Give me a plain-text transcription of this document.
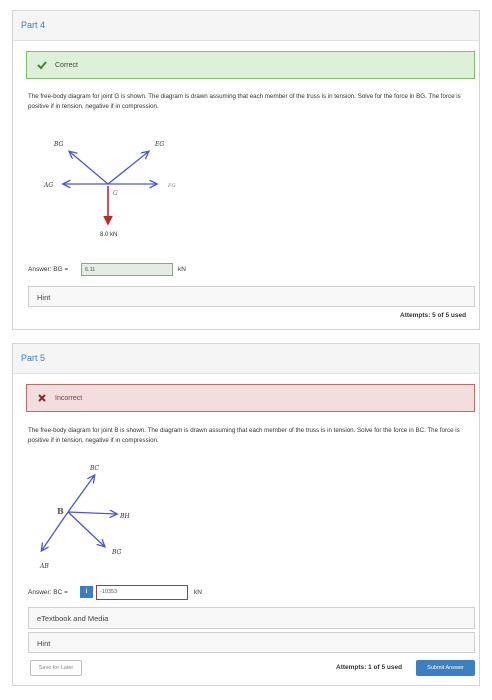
Part 4
Correct
The free-body diagram for joint G is shown. The diagram is drawn assuming that each member of the truss is in tension. Solve for the force in BG. The force is positive if in tension, negative if in compression.
BG	EG
AG	FG
G
8.0 kN
Answer: BG =	6.11	kN
Hint
Attempts: 5 of 5 used
Part 5
Incorrect
The free-body diagram for joint B is shown. The diagram is drawn assuming that each member of the truss is in tension. Solve for the force in BC. The force is positive if in tension, negative if in compression.
BC
BH
BG
AB
B
Answer: BC =	i	-10353	kN
eTextbook and Media
Hint
Save for Later	Attempts: 1 of 5 used	Submit Answer
